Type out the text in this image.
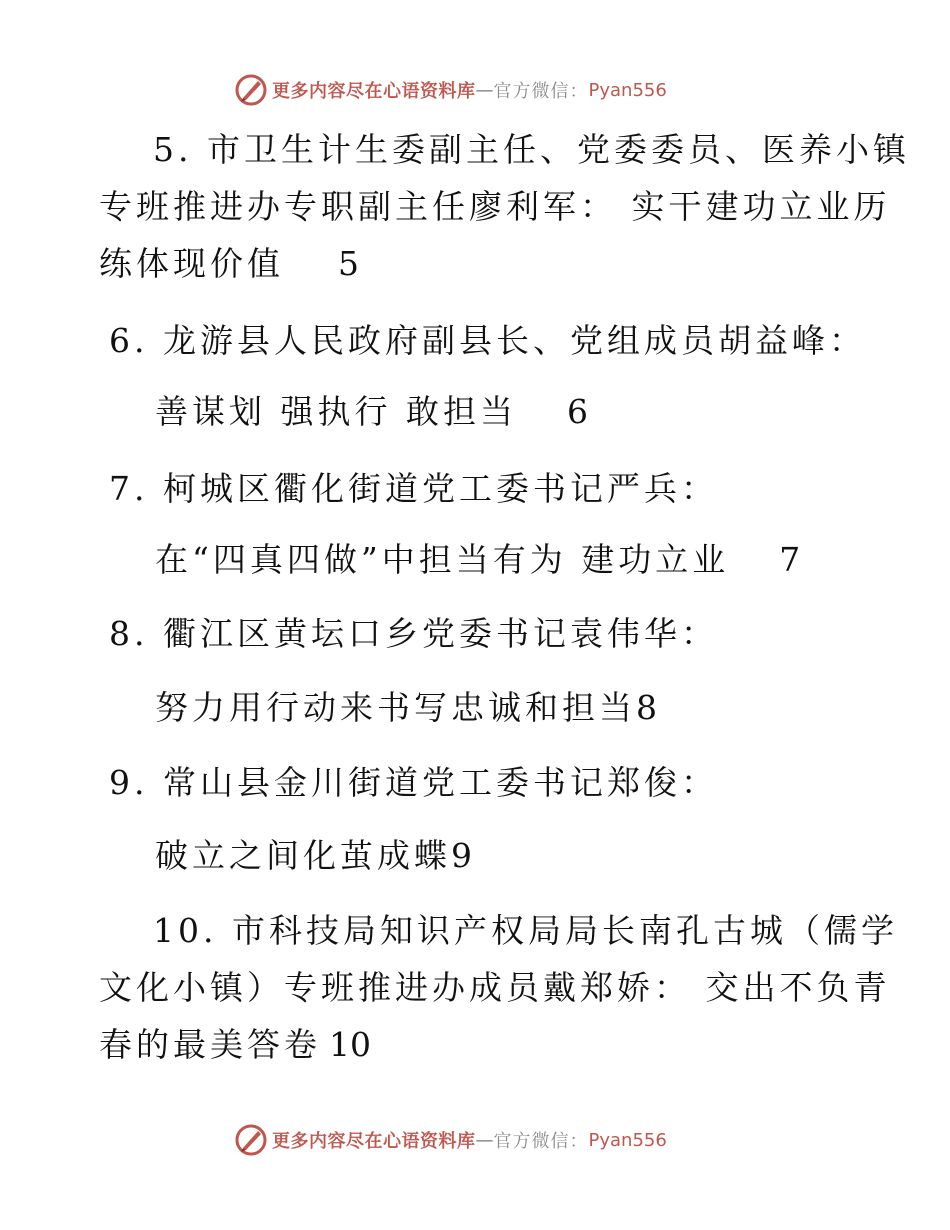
更多内容尽在心语资料库 — 官方微信： Pyan556
5. 市卫生计生委副主任、党委委员、医养小镇
专班推进办专职副主任廖利军： 实干建功立业历
练体现价值 5
6. 龙游县人民政府副县长、党组成员胡益峰：
善谋划 强执行 敢担当 6
7. 柯城区衢化街道党工委书记严兵：
在“四真四做”中担当有为 建功立业 7
8. 衢江区黄坛口乡党委书记袁伟华：
努力用行动来书写忠诚和担当8
9. 常山县金川街道党工委书记郑俊：
破立之间化茧成蝶9
10. 市科技局知识产权局局长南孔古城（儒学
文化小镇）专班推进办成员戴郑娇： 交出不负青
春的最美答卷 10
更多内容尽在心语资料库 — 官方微信： Pyan556
